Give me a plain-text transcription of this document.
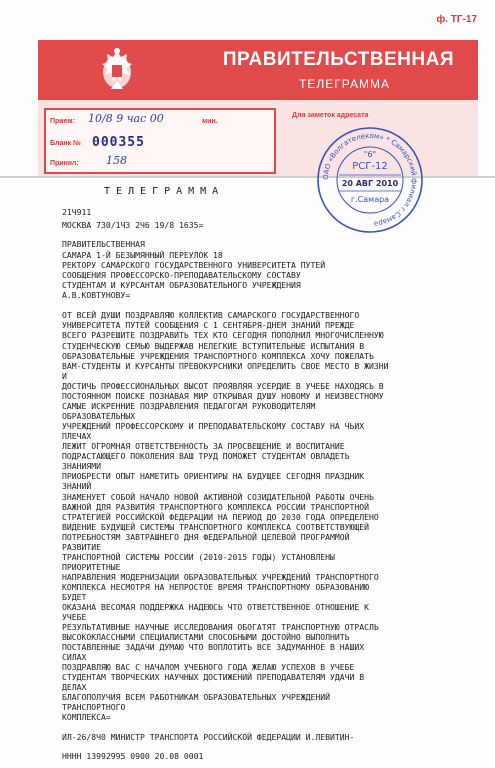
ф. ТГ-17
ПРАВИТЕЛЬСТВЕННАЯ
ТЕЛЕГРАММА
Прием: 10/8 9 час 00	мин.
Бланк № 000355
Принял: 158
Для заметок адресата
ОАО «Волгателеком» * Самарский филиал г.Самара
"6"
РСГ-12
20 АВГ 2010
г.Самара
ТЕЛЕГРАММА
21Ч911
МОСКВА 730/1Ч3 2Ч6 19/8 1635=
ПРАВИТЕЛЬСТВЕННАЯ
САМАРА 1-Й БЕЗЫМЯННЫЙ ПЕРЕУЛОК 18
РЕКТОРУ САМАРСКОГО ГОСУДАРСТВЕННОГО УНИВЕРСИТЕТА ПУТЕЙ
СООБЩЕНИЯ ПРОФЕССОРСКО-ПРЕПОДАВАТЕЛЬСКОМУ СОСТАВУ
СТУДЕНТАМ И КУРСАНТАМ ОБРАЗОВАТЕЛЬНОГО УЧРЕЖДЕНИЯ
А.В.КОВТУНОВУ=
ОТ ВСЕЙ ДУШИ ПОЗДРАВЛЯЮ КОЛЛЕКТИВ САМАРСКОГО ГОСУДАРСТВЕННОГО
УНИВЕРСИТЕТА ПУТЕЙ СООБЩЕНИЯ С 1 СЕНТЯБРЯ-ДНЕМ ЗНАНИЙ ПРЕЖДЕ
ВСЕГО РАЗРЕШИТЕ ПОЗДРАВИТЬ ТЕХ КТО СЕГОДНЯ ПОПОЛНИЛ МНОГОЧИСЛЕННУЮ
СТУДЕНЧЕСКУЮ СЕМЬЮ ВЫДЕРЖАВ НЕЛЕГКИЕ ВСТУПИТЕЛЬНЫЕ ИСПЫТАНИЯ В
ОБРАЗОВАТЕЛЬНЫЕ УЧРЕЖДЕНИЯ ТРАНСПОРТНОГО КОМПЛЕКСА ХОЧУ ПОЖЕЛАТЬ
ВАМ-СТУДЕНТЫ И КУРСАНТЫ ПРЕВОКУРСНИКИ ОПРЕДЕЛИТЬ СВОЕ МЕСТО В ЖИЗНИ
И
ДОСТИЧЬ ПРОФЕССИОНАЛЬНЫХ ВЫСОТ ПРОЯВЛЯЯ УСЕРДИЕ В УЧЕБЕ НАХОДЯСЬ В
ПОСТОЯННОМ ПОИСКЕ ПОЗНАВАЯ МИР ОТКРЫВАЯ ДУШУ НОВОМУ И НЕИЗВЕСТНОМУ
САМЫЕ ИСКРЕННИЕ ПОЗДРАВЛЕНИЯ ПЕДАГОГАМ РУКОВОДИТЕЛЯМ
ОБРАЗОВАТЕЛЬНЫХ
УЧРЕЖДЕНИЙ ПРОФЕССОРСКОМУ И ПРЕПОДАВАТЕЛЬСКОМУ СОСТАВУ НА ЧЬИХ
ПЛЕЧАХ
ЛЕЖИТ ОГРОМНАЯ ОТВЕТСТВЕННОСТЬ ЗА ПРОСВЕЩЕНИЕ И ВОСПИТАНИЕ
ПОДРАСТАЮЩЕГО ПОКОЛЕНИЯ ВАШ ТРУД ПОМОЖЕТ СТУДЕНТАМ ОВЛАДЕТЬ
ЗНАНИЯМИ
ПРИОБРЕСТИ ОПЫТ НАМЕТИТЬ ОРИЕНТИРЫ НА БУДУЩЕЕ СЕГОДНЯ ПРАЗДНИК
ЗНАНИЙ
ЗНАМЕНУЕТ СОБОЙ НАЧАЛО НОВОЙ АКТИВНОЙ СОЗИДАТЕЛЬНОЙ РАБОТЫ ОЧЕНЬ
ВАЖНОЙ ДЛЯ РАЗВИТИЯ ТРАНСПОРТНОГО КОМПЛЕКСА РОССИИ ТРАНСПОРТНОЙ
СТРАТЕГИЕЙ РОССИЙСКОЙ ФЕДЕРАЦИИ НА ПЕРИОД ДО 2030 ГОДА ОПРЕДЕЛЕНО
ВИДЕНИЕ БУДУЩЕЙ СИСТЕМЫ ТРАНСПОРТНОГО КОМПЛЕКСА СООТВЕТСТВУЮЩЕЙ
ПОТРЕБНОСТЯМ ЗАВТРАШНЕГО ДНЯ ФЕДЕРАЛЬНОЙ ЦЕЛЕВОЙ ПРОГРАММОЙ
РАЗВИТИЕ
ТРАНСПОРТНОЙ СИСТЕМЫ РОССИИ (2010-2015 ГОДЫ) УСТАНОВЛЕНЫ
ПРИОРИТЕТНЫЕ
НАПРАВЛЕНИЯ МОДЕРНИЗАЦИИ ОБРАЗОВАТЕЛЬНЫХ УЧРЕЖДЕНИЙ ТРАНСПОРТНОГО
КОМПЛЕКСА НЕСМОТРЯ НА НЕПРОСТОЕ ВРЕМЯ ТРАНСПОРТНОМУ ОБРАЗОВАНИЮ
БУДЕТ
ОКАЗАНА ВЕСОМАЯ ПОДДЕРЖКА НАДЕЮСЬ ЧТО ОТВЕТСТВЕННОЕ ОТНОШЕНИЕ К
УЧЕБЕ
РЕЗУЛЬТАТИВНЫЕ НАУЧНЫЕ ИССЛЕДОВАНИЯ ОБОГАТЯТ ТРАНСПОРТНУЮ ОТРАСЛЬ
ВЫСОКОКЛАССНЫМИ СПЕЦИАЛИСТАМИ СПОСОБНЫМИ ДОСТОЙНО ВЫПОЛНИТЬ
ПОСТАВЛЕННЫЕ ЗАДАЧИ ДУМАЮ ЧТО ВОПЛОТИТЬ ВСЕ ЗАДУМАННОЕ В НАШИХ
СИЛАХ
ПОЗДРАВЛЯЮ ВАС С НАЧАЛОМ УЧЕБНОГО ГОДА ЖЕЛАЮ УСПЕХОВ В УЧЕБЕ
СТУДЕНТАМ ТВОРЧЕСКИХ НАУЧНЫХ ДОСТИЖЕНИЙ ПРЕПОДАВАТЕЛЯМ УДАЧИ В
ДЕЛАХ
БЛАГОПОЛУЧИЯ ВСЕМ РАБОТНИКАМ ОБРАЗОВАТЕЛЬНЫХ УЧРЕЖДЕНИЙ
ТРАНСПОРТНОГО
КОМПЛЕКСА=
ИЛ-26/8Ч0 МИНИСТР ТРАНСПОРТА РОССИЙСКОЙ ФЕДЕРАЦИИ И.ЛЕВИТИН-
НННН 13992995 0900 20.08 0001
